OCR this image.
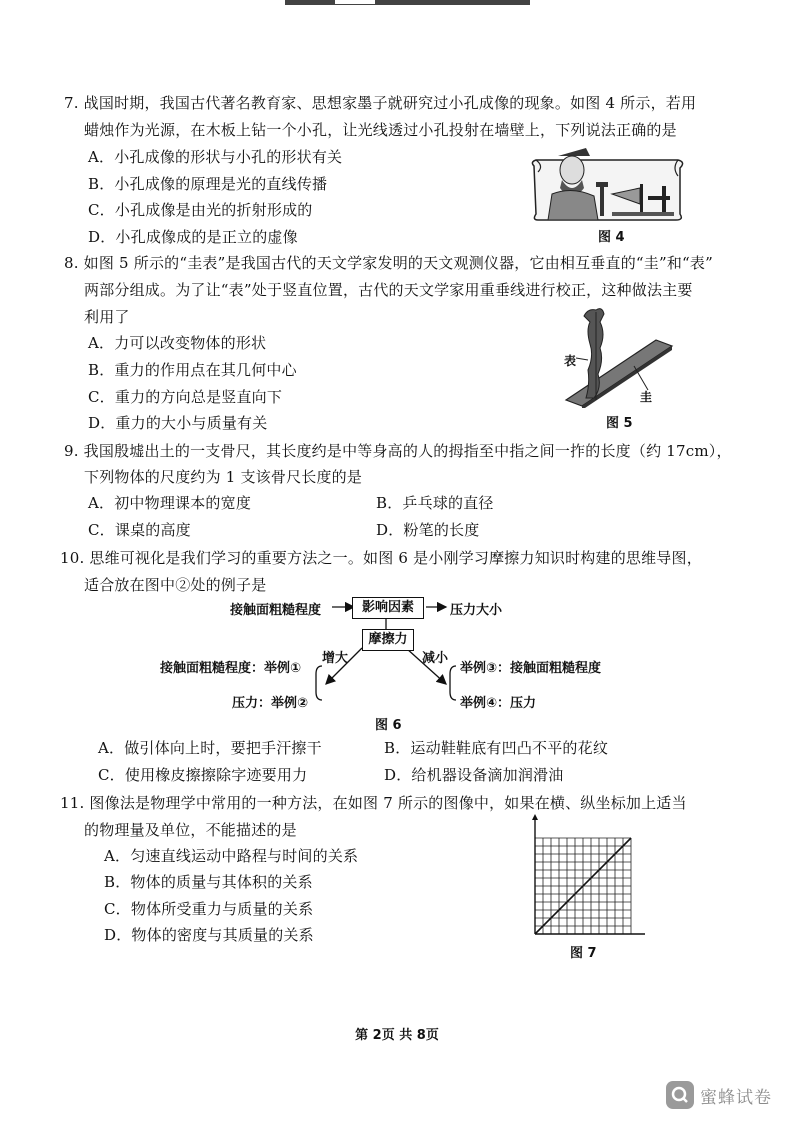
7. 战国时期，我国古代著名教育家、思想家墨子就研究过小孔成像的现象。如图 4 所示，若用
蜡烛作为光源，在木板上钻一个小孔，让光线透过小孔投射在墙壁上，下列说法正确的是
A．小孔成像的形状与小孔的形状有关
B．小孔成像的原理是光的直线传播
C．小孔成像是由光的折射形成的
D．小孔成像成的是正立的虚像	图 4
8. 如图 5 所示的“圭表”是我国古代的天文学家发明的天文观测仪器，它由相互垂直的“圭”和“表”
两部分组成。为了让“表”处于竖直位置，古代的天文学家用重垂线进行校正，这种做法主要
利用了
A．力可以改变物体的形状
B．重力的作用点在其几何中心
C．重力的方向总是竖直向下
D．重力的大小与质量有关
表
圭
图 5
9. 我国殷墟出土的一支骨尺，其长度约是中等身高的人的拇指至中指之间一拃的长度（约 17cm），
下列物体的尺度约为 1 支该骨尺长度的是
A．初中物理课本的宽度	B．乒乓球的直径
C．课桌的高度	D．粉笔的长度
10. 思维可视化是我们学习的重要方法之一。如图 6 是小刚学习摩擦力知识时构建的思维导图，
适合放在图中②处的例子是
影响因素
摩擦力
接触面粗糙程度	压力大小
增大	减小
接触面粗糙程度：举例①
压力：举例②
举例③：接触面粗糙程度
举例④：压力
图 6
A．做引体向上时，要把手汗擦干	B．运动鞋鞋底有凹凸不平的花纹
C．使用橡皮擦擦除字迹要用力	D．给机器设备滴加润滑油
11. 图像法是物理学中常用的一种方法，在如图 7 所示的图像中，如果在横、纵坐标加上适当
的物理量及单位，不能描述的是
A．匀速直线运动中路程与时间的关系
B．物体的质量与其体积的关系
C．物体所受重力与质量的关系
D．物体的密度与其质量的关系
图 7
第 2页 共 8页
蜜蜂试卷
